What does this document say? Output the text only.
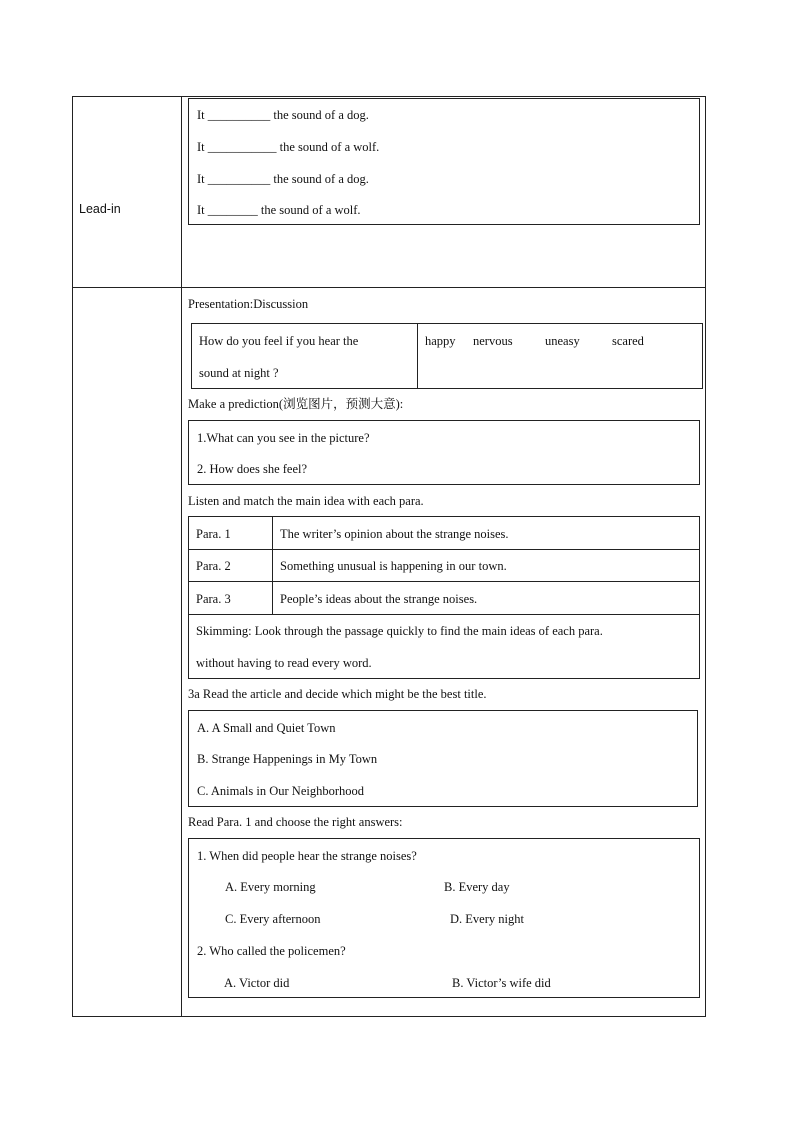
Lead-in
It __________ the sound of a dog.
It ___________ the sound of a wolf.
It __________ the sound of a dog.
It ________ the sound of a wolf.
Presentation:Discussion
How do you feel if you hear the
sound at night ?
happy nervous	uneasy	scared
Make a prediction(浏览图片，预测大意):
1.What can you see in the picture?
2. How does she feel?
Listen and match the main idea with each para.
Para. 1	The writer’s opinion about the strange noises.
Para. 2	Something unusual is happening in our town.
Para. 3	People’s ideas about the strange noises.
Skimming: Look through the passage quickly to find the main ideas of each para.
without having to read every word.
3a Read the article and decide which might be the best title.
A. A Small and Quiet Town
B. Strange Happenings in My Town
C. Animals in Our Neighborhood
Read Para. 1 and choose the right answers:
1. When did people hear the strange noises?
A. Every morning	B. Every day
C. Every afternoon	D. Every night
2. Who called the policemen?
A. Victor did	B. Victor’s wife did
